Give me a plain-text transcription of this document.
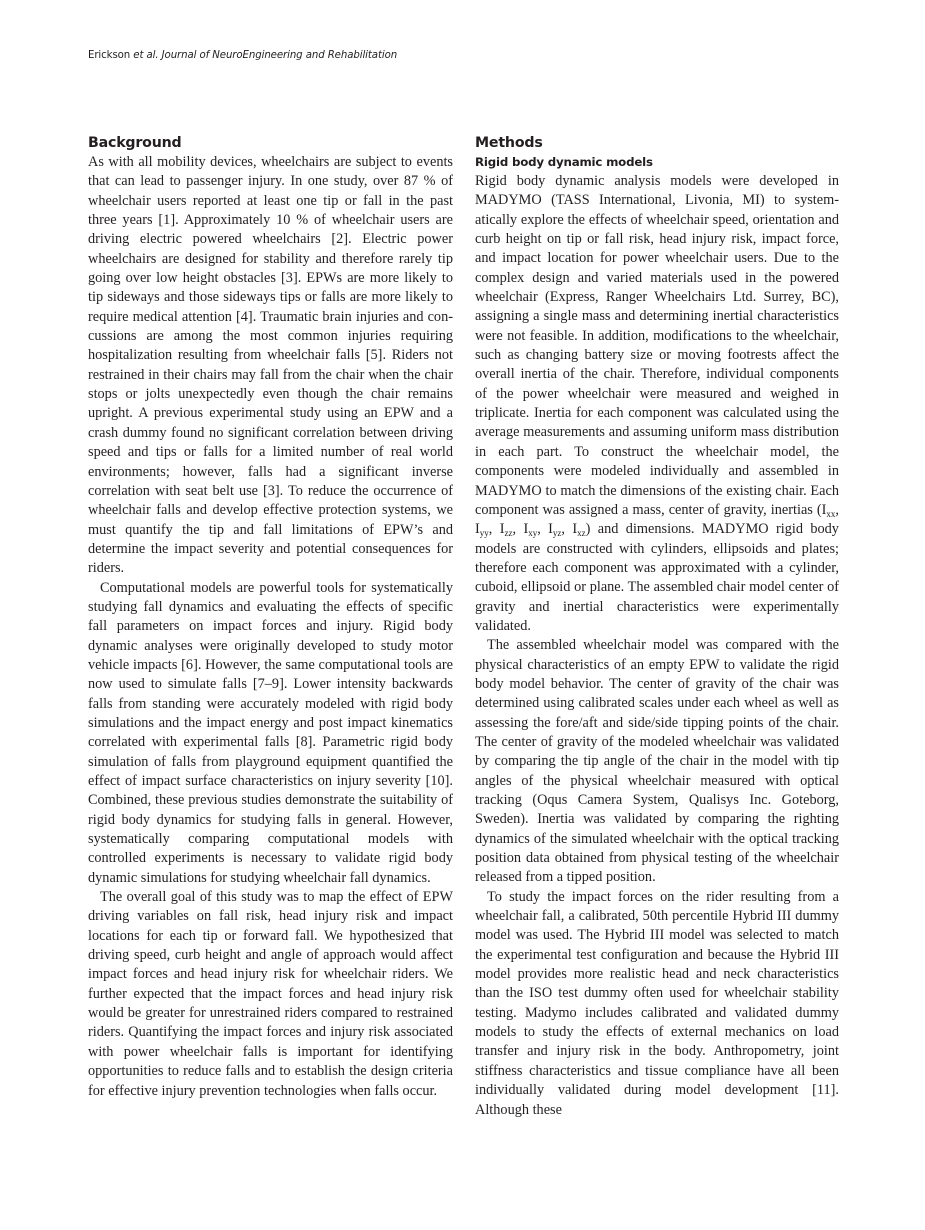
Erickson et al. Journal of NeuroEngineering and Rehabilitation
Background

As with all mobility devices, wheelchairs are subject to events that can lead to passenger injury. In one study, over 87 % of wheelchair users reported at least one tip or fall in the past three years [1]. Approximately 10 % of wheelchair users are driving electric powered wheelchairs [2]. Electric power wheelchairs are designed for stability and therefore rarely tip going over low height obstacles [3]. EPWs are more likely to tip sideways and those sideways tips or falls are more likely to require medical attention [4]. Traumatic brain injuries and concussions are among the most common injuries requiring hospitalization resulting from wheelchair falls [5]. Riders not restrained in their chairs may fall from the chair when the chair stops or jolts unexpectedly even though the chair remains upright. A previous experimental study using an EPW and a crash dummy found no significant correlation between driving speed and tips or falls for a limited number of real world environments; however, falls had a significant inverse correlation with seat belt use [3]. To reduce the occurrence of wheelchair falls and develop effective protection systems, we must quantify the tip and fall limitations of EPW’s and determine the impact severity and potential consequences for riders.

Computational models are powerful tools for systematically studying fall dynamics and evaluating the effects of specific fall parameters on impact forces and injury. Rigid body dynamic analyses were originally developed to study motor vehicle impacts [6]. However, the same computational tools are now used to simulate falls [7–9]. Lower intensity backwards falls from standing were accurately modeled with rigid body simulations and the impact energy and post impact kinematics correlated with experimental falls [8]. Parametric rigid body simulation of falls from playground equipment quantified the effect of impact surface characteristics on injury severity [10]. Combined, these previous studies demonstrate the suitability of rigid body dynamics for studying falls in general. However, systematically comparing computational models with controlled experiments is necessary to validate rigid body dynamic simulations for studying wheelchair fall dynamics.

The overall goal of this study was to map the effect of EPW driving variables on fall risk, head injury risk and impact locations for each tip or forward fall. We hypothesized that driving speed, curb height and angle of approach would affect impact forces and head injury risk for wheelchair riders. We further expected that the impact forces and head injury risk would be greater for unrestrained riders compared to restrained riders. Quantifying the impact forces and injury risk associated with power wheelchair falls is important for identifying opportunities to reduce falls and to establish the design criteria for effective injury prevention technologies when falls occur.

Methods
Rigid body dynamic models

Rigid body dynamic analysis models were developed in MADYMO (TASS International, Livonia, MI) to systematically explore the effects of wheelchair speed, orientation and curb height on tip or fall risk, head injury risk, impact force, and impact location for power wheelchair users. Due to the complex design and varied materials used in the powered wheelchair (Express, Ranger Wheelchairs Ltd. Surrey, BC), assigning a single mass and determining inertial characteristics were not feasible. In addition, modifications to the wheelchair, such as changing battery size or moving footrests affect the overall inertia of the chair. Therefore, individual components of the power wheelchair were measured and weighed in triplicate. Inertia for each component was calculated using the average measurements and assuming uniform mass distribution in each part. To construct the wheelchair model, the components were modeled individually and assembled in MADYMO to match the dimensions of the existing chair. Each component was assigned a mass, center of gravity, inertias ($I_{xx}$, $I_{yy}$, $I_{zz}$, $I_{xy}$, $I_{yz}$, $I_{xz}$) and dimensions. MADYMO rigid body models are constructed with cylinders, ellipsoids and plates; therefore each component was approximated with a cylinder, cuboid, ellipsoid or plane. The assembled chair model center of gravity and inertial characteristics were experimentally validated.

The assembled wheelchair model was compared with the physical characteristics of an empty EPW to validate the rigid body model behavior. The center of gravity of the chair was determined using calibrated scales under each wheel as well as assessing the fore/aft and side/side tipping points of the chair. The center of gravity of the modeled wheelchair was validated by comparing the tip angle of the chair in the model with tip angles of the physical wheelchair measured with optical tracking (Oqus Camera System, Qualisys Inc. Goteborg, Sweden). Inertia was validated by comparing the righting dynamics of the simulated wheelchair with the optical tracking position data obtained from physical testing of the wheelchair released from a tipped position.

To study the impact forces on the rider resulting from a wheelchair fall, a calibrated, 50th percentile Hybrid III dummy model was used. The Hybrid III model was selected to match the experimental test configuration and because the Hybrid III model provides more realistic head and neck characteristics than the ISO test dummy often used for wheelchair stability testing. Madymo includes calibrated and validated dummy models to study the effects of external mechanics on load transfer and injury risk in the body. Anthropometry, joint stiffness characteristics and tissue compliance have all been individually validated during model development [11]. Although these
